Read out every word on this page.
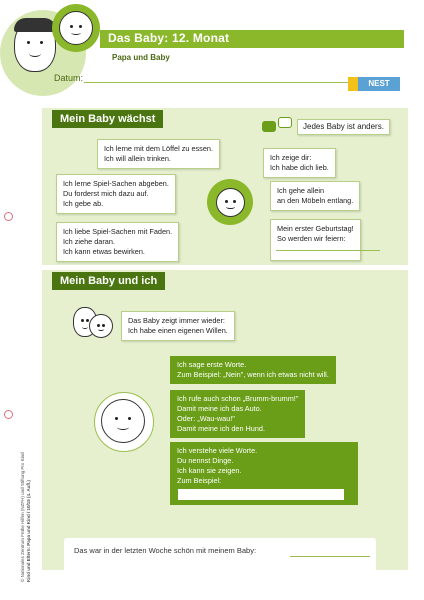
Das Baby: 12. Monat
Papa und Baby
Datum:
NEST
Mein Baby wächst
Jedes Baby ist anders.
Ich lerne mit dem Löffel zu essen.
Ich will allein trinken.	Ich zeige dir:
Ich habe dich lieb.
Ich lerne Spiel-Sachen abgeben.
Du forderst mich dazu auf.
Ich gebe ab.
Ich gehe allein
an den Möbeln entlang.
Ich liebe Spiel-Sachen mit Faden.
Ich ziehe daran.
Ich kann etwas bewirken.
Mein erster Geburtstag!
So werden wir feiern:
Mein Baby und ich
Das Baby zeigt immer wieder:
Ich habe einen eigenen Willen.
Ich sage erste Worte.
Zum Beispiel: „Nein", wenn ich etwas nicht will.
Ich rufe auch schon „Brumm-brumm!"
Damit meine ich das Auto.
Oder: „Wau-wau!"
Damit meine ich den Hund.
Ich verstehe viele Worte.
Du nennst Dinge.
Ich kann sie zeigen.
Zum Beispiel:
Das war in der letzten Woche schön mit meinem Baby:
© Nationales Zentrum Frühe Hilfen (NZFH) und Stiftung Pro Kind Kind und Eltern: Papa und Kind / 10/15 (4. Aufl.)
